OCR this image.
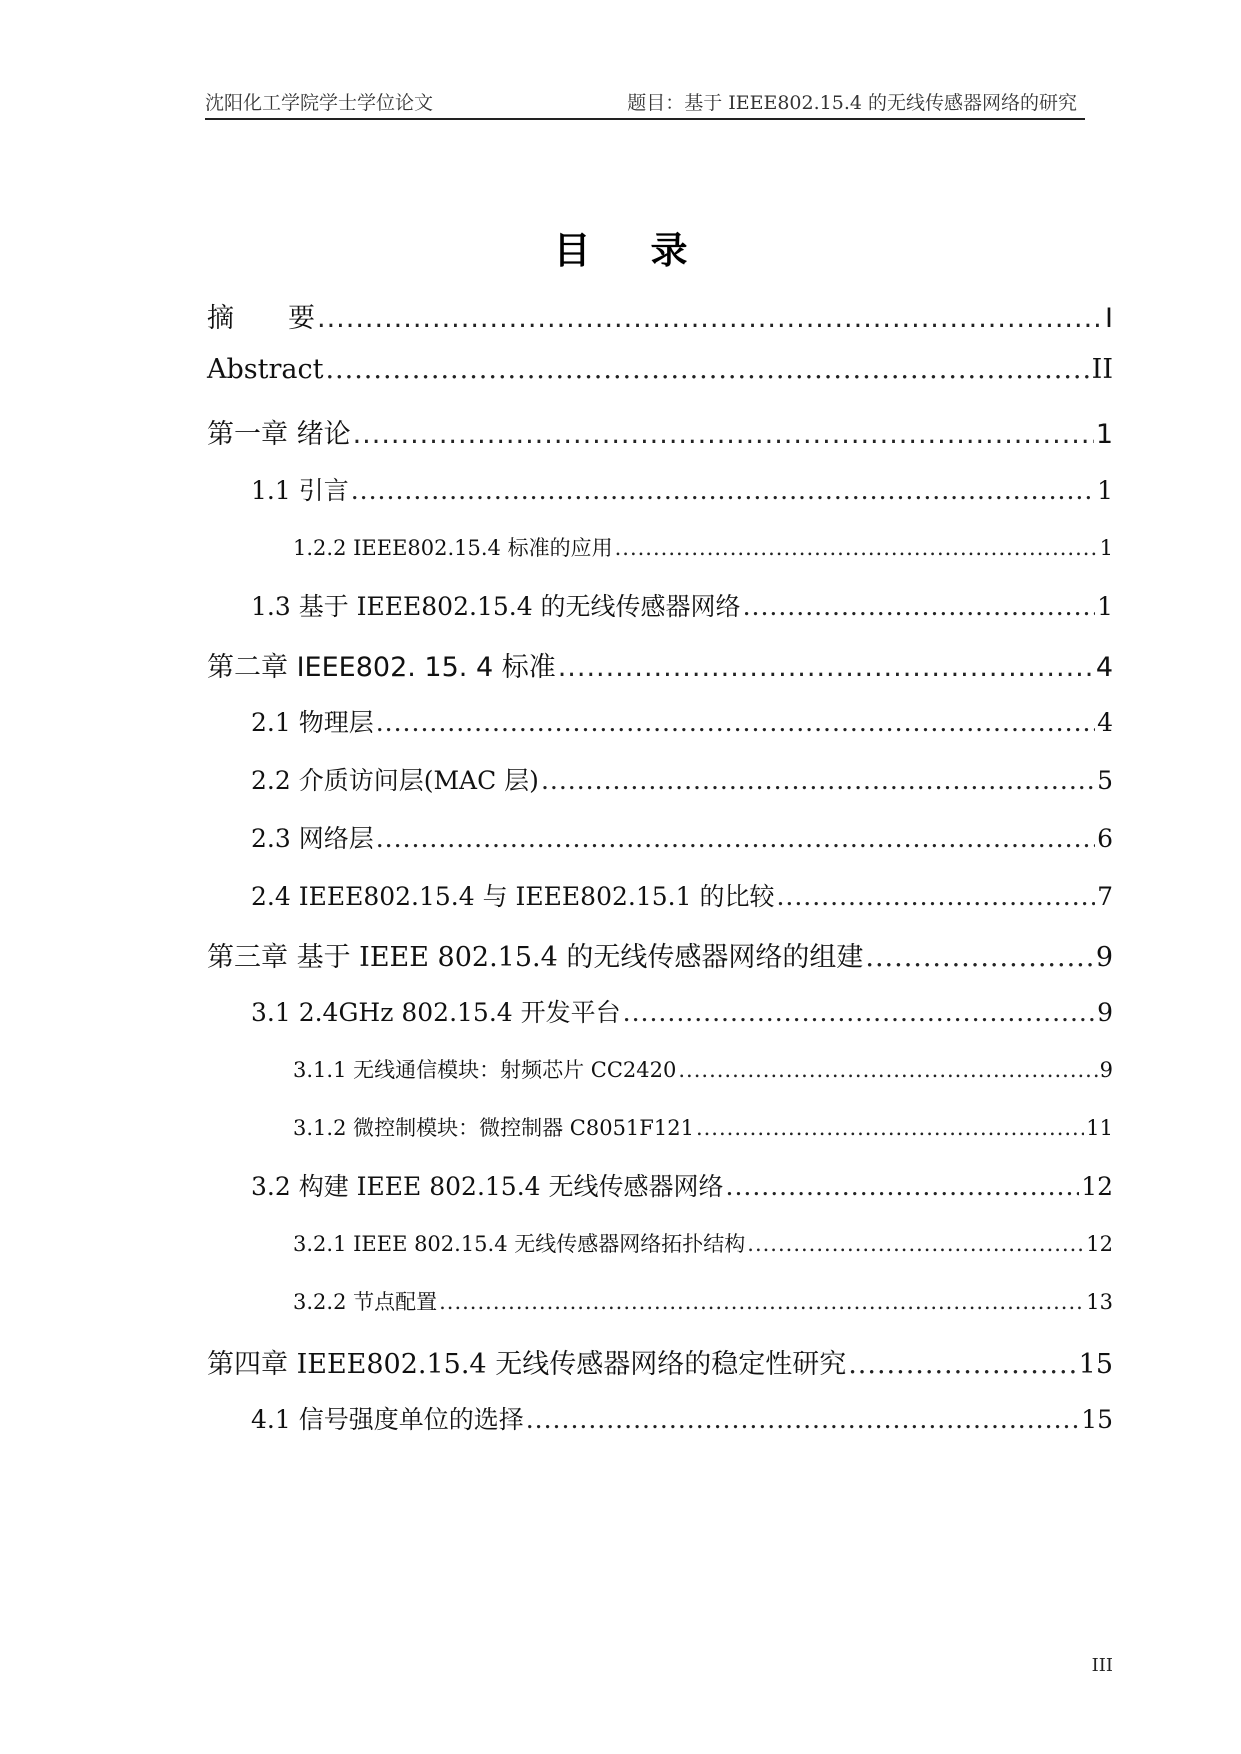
沈阳化工学院学士学位论文	题目：基于 IEEE802.15.4 的无线传感器网络的研究
目录
摘　　要 .....	I
Abstract .....	II
第一章 绪论 .....	1
1.1 引言 .....	1
1.2.2 IEEE802.15.4 标准的应用 .....	1
1.3 基于 IEEE802.15.4 的无线传感器网络 .....	1
第二章 IEEE802. 15. 4 标准 .....	4
2.1 物理层 .....	4
2.2 介质访问层(MAC 层) .....	5
2.3 网络层 .....	6
2.4 IEEE802.15.4 与 IEEE802.15.1 的比较 .....	7
第三章 基于 IEEE 802.15.4 的无线传感器网络的组建 .....	9
3.1 2.4GHz 802.15.4 开发平台 .....	9
3.1.1 无线通信模块：射频芯片 CC2420 .....	9
3.1.2 微控制模块：微控制器 C8051F121 .....	11
3.2 构建 IEEE 802.15.4 无线传感器网络 .....	12
3.2.1 IEEE 802.15.4 无线传感器网络拓扑结构 .....	12
3.2.2 节点配置 .....	13
第四章 IEEE802.15.4 无线传感器网络的稳定性研究 .....	15
4.1 信号强度单位的选择 .....	15
III
